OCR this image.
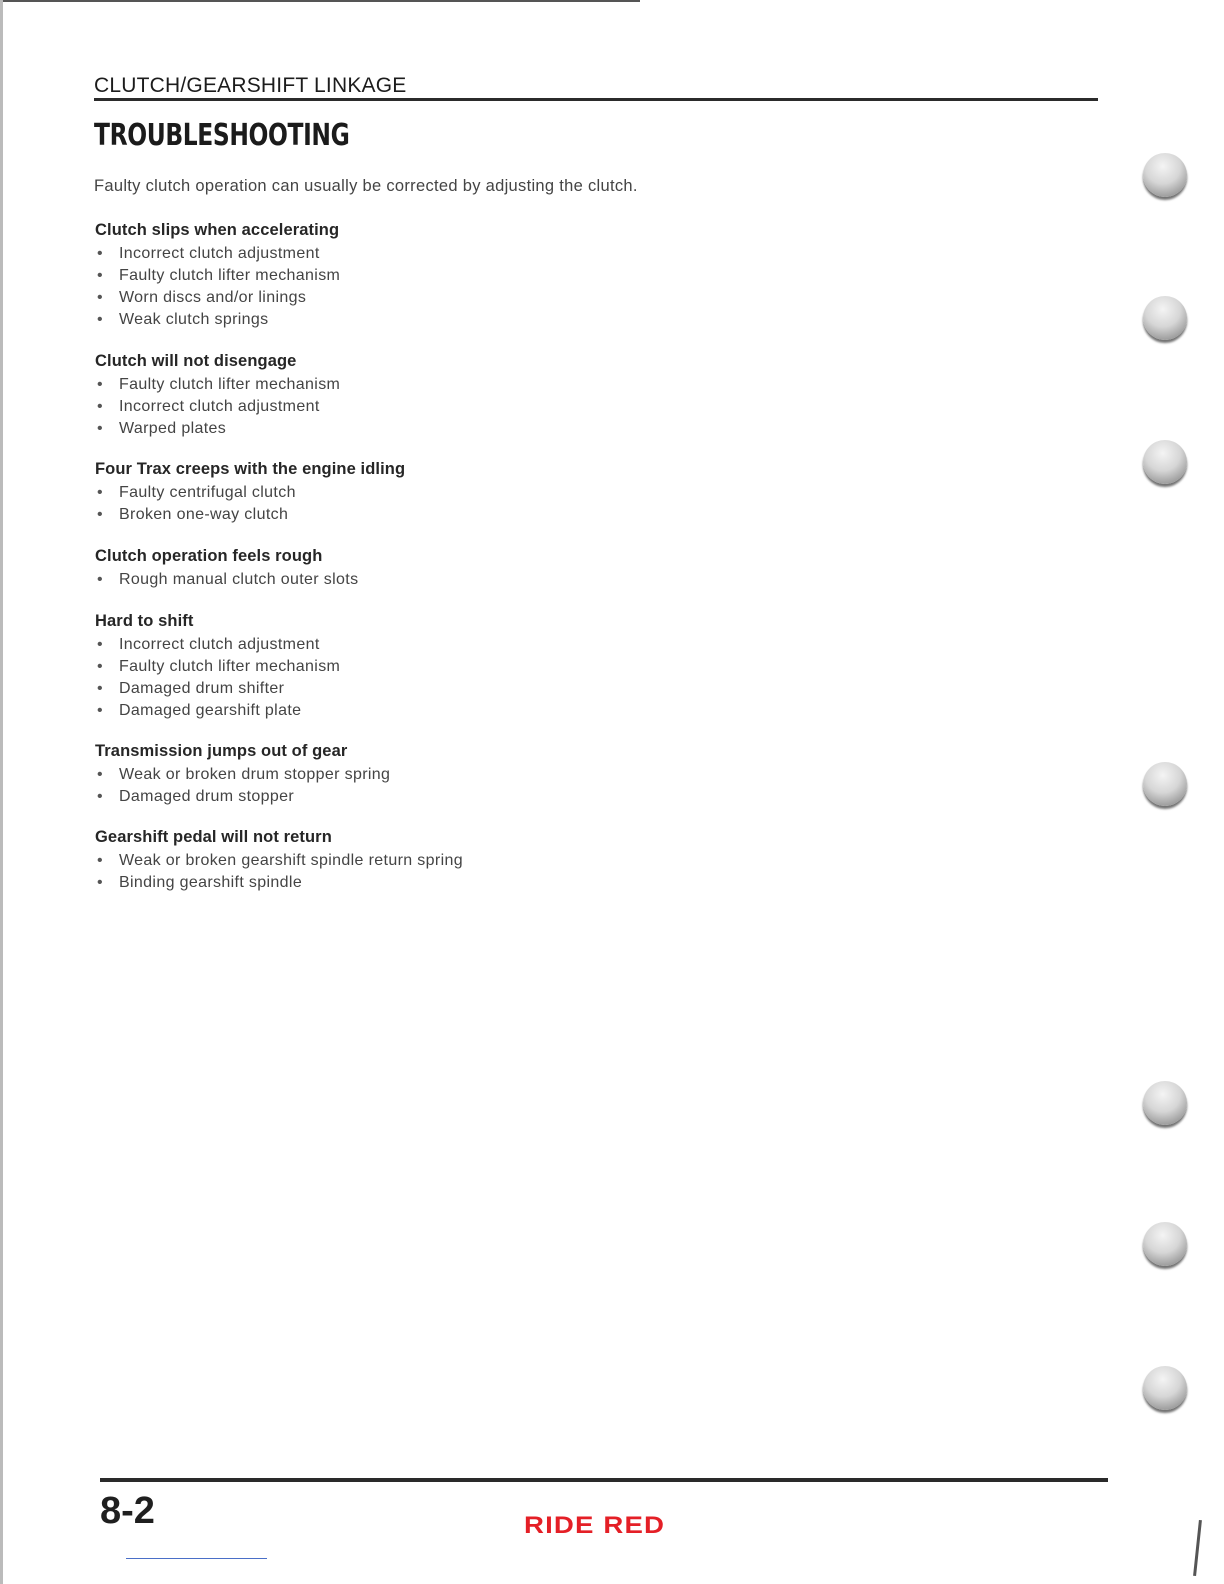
CLUTCH/GEARSHIFT LINKAGE
TROUBLESHOOTING
Faulty clutch operation can usually be corrected by adjusting the clutch.
Clutch slips when accelerating
• Incorrect clutch adjustment
• Faulty clutch lifter mechanism
• Worn discs and/or linings
• Weak clutch springs
Clutch will not disengage
• Faulty clutch lifter mechanism
• Incorrect clutch adjustment
• Warped plates
Four Trax creeps with the engine idling
• Faulty centrifugal clutch
• Broken one-way clutch
Clutch operation feels rough
• Rough manual clutch outer slots
Hard to shift
• Incorrect clutch adjustment
• Faulty clutch lifter mechanism
• Damaged drum shifter
• Damaged gearshift plate
Transmission jumps out of gear
• Weak or broken drum stopper spring
• Damaged drum stopper
Gearshift pedal will not return
• Weak or broken gearshift spindle return spring
• Binding gearshift spindle
8-2	RIDE RED
